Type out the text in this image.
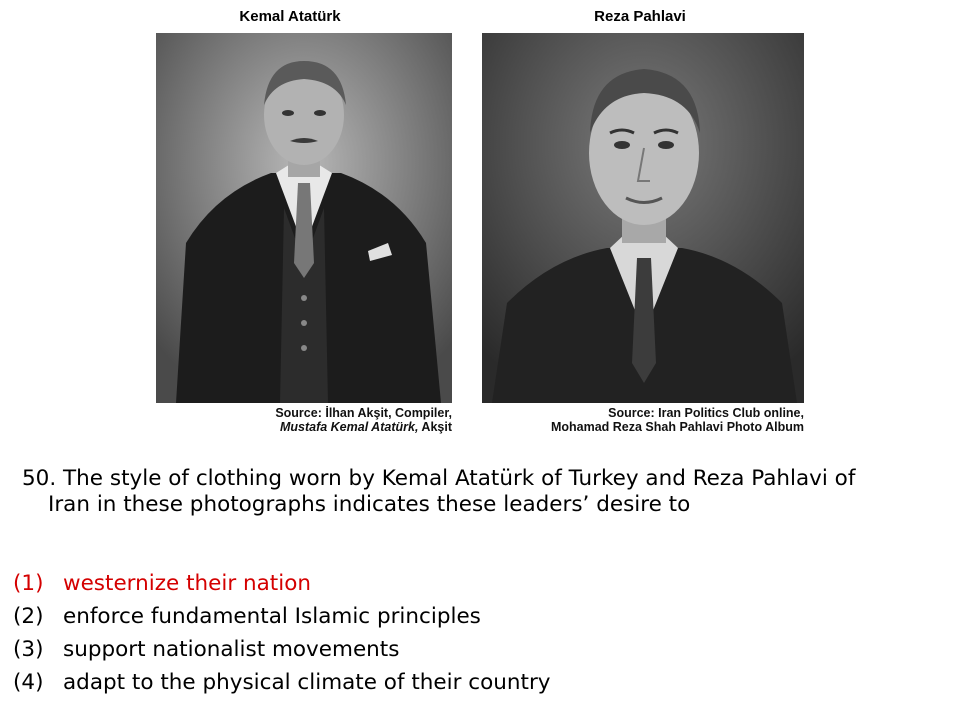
Kemal Atatürk
Source: İlhan Akşit, Compiler,
Mustafa Kemal Atatürk, Akşit
Reza Pahlavi
Source: Iran Politics Club online,
Mohamad Reza Shah Pahlavi Photo Album
50. The style of clothing worn by Kemal Atatürk of Turkey and Reza Pahlavi of
Iran in these photographs indicates these leaders’ desire to
(1) westernize their nation
(2) enforce fundamental Islamic principles
(3) support nationalist movements
(4) adapt to the physical climate of their country
